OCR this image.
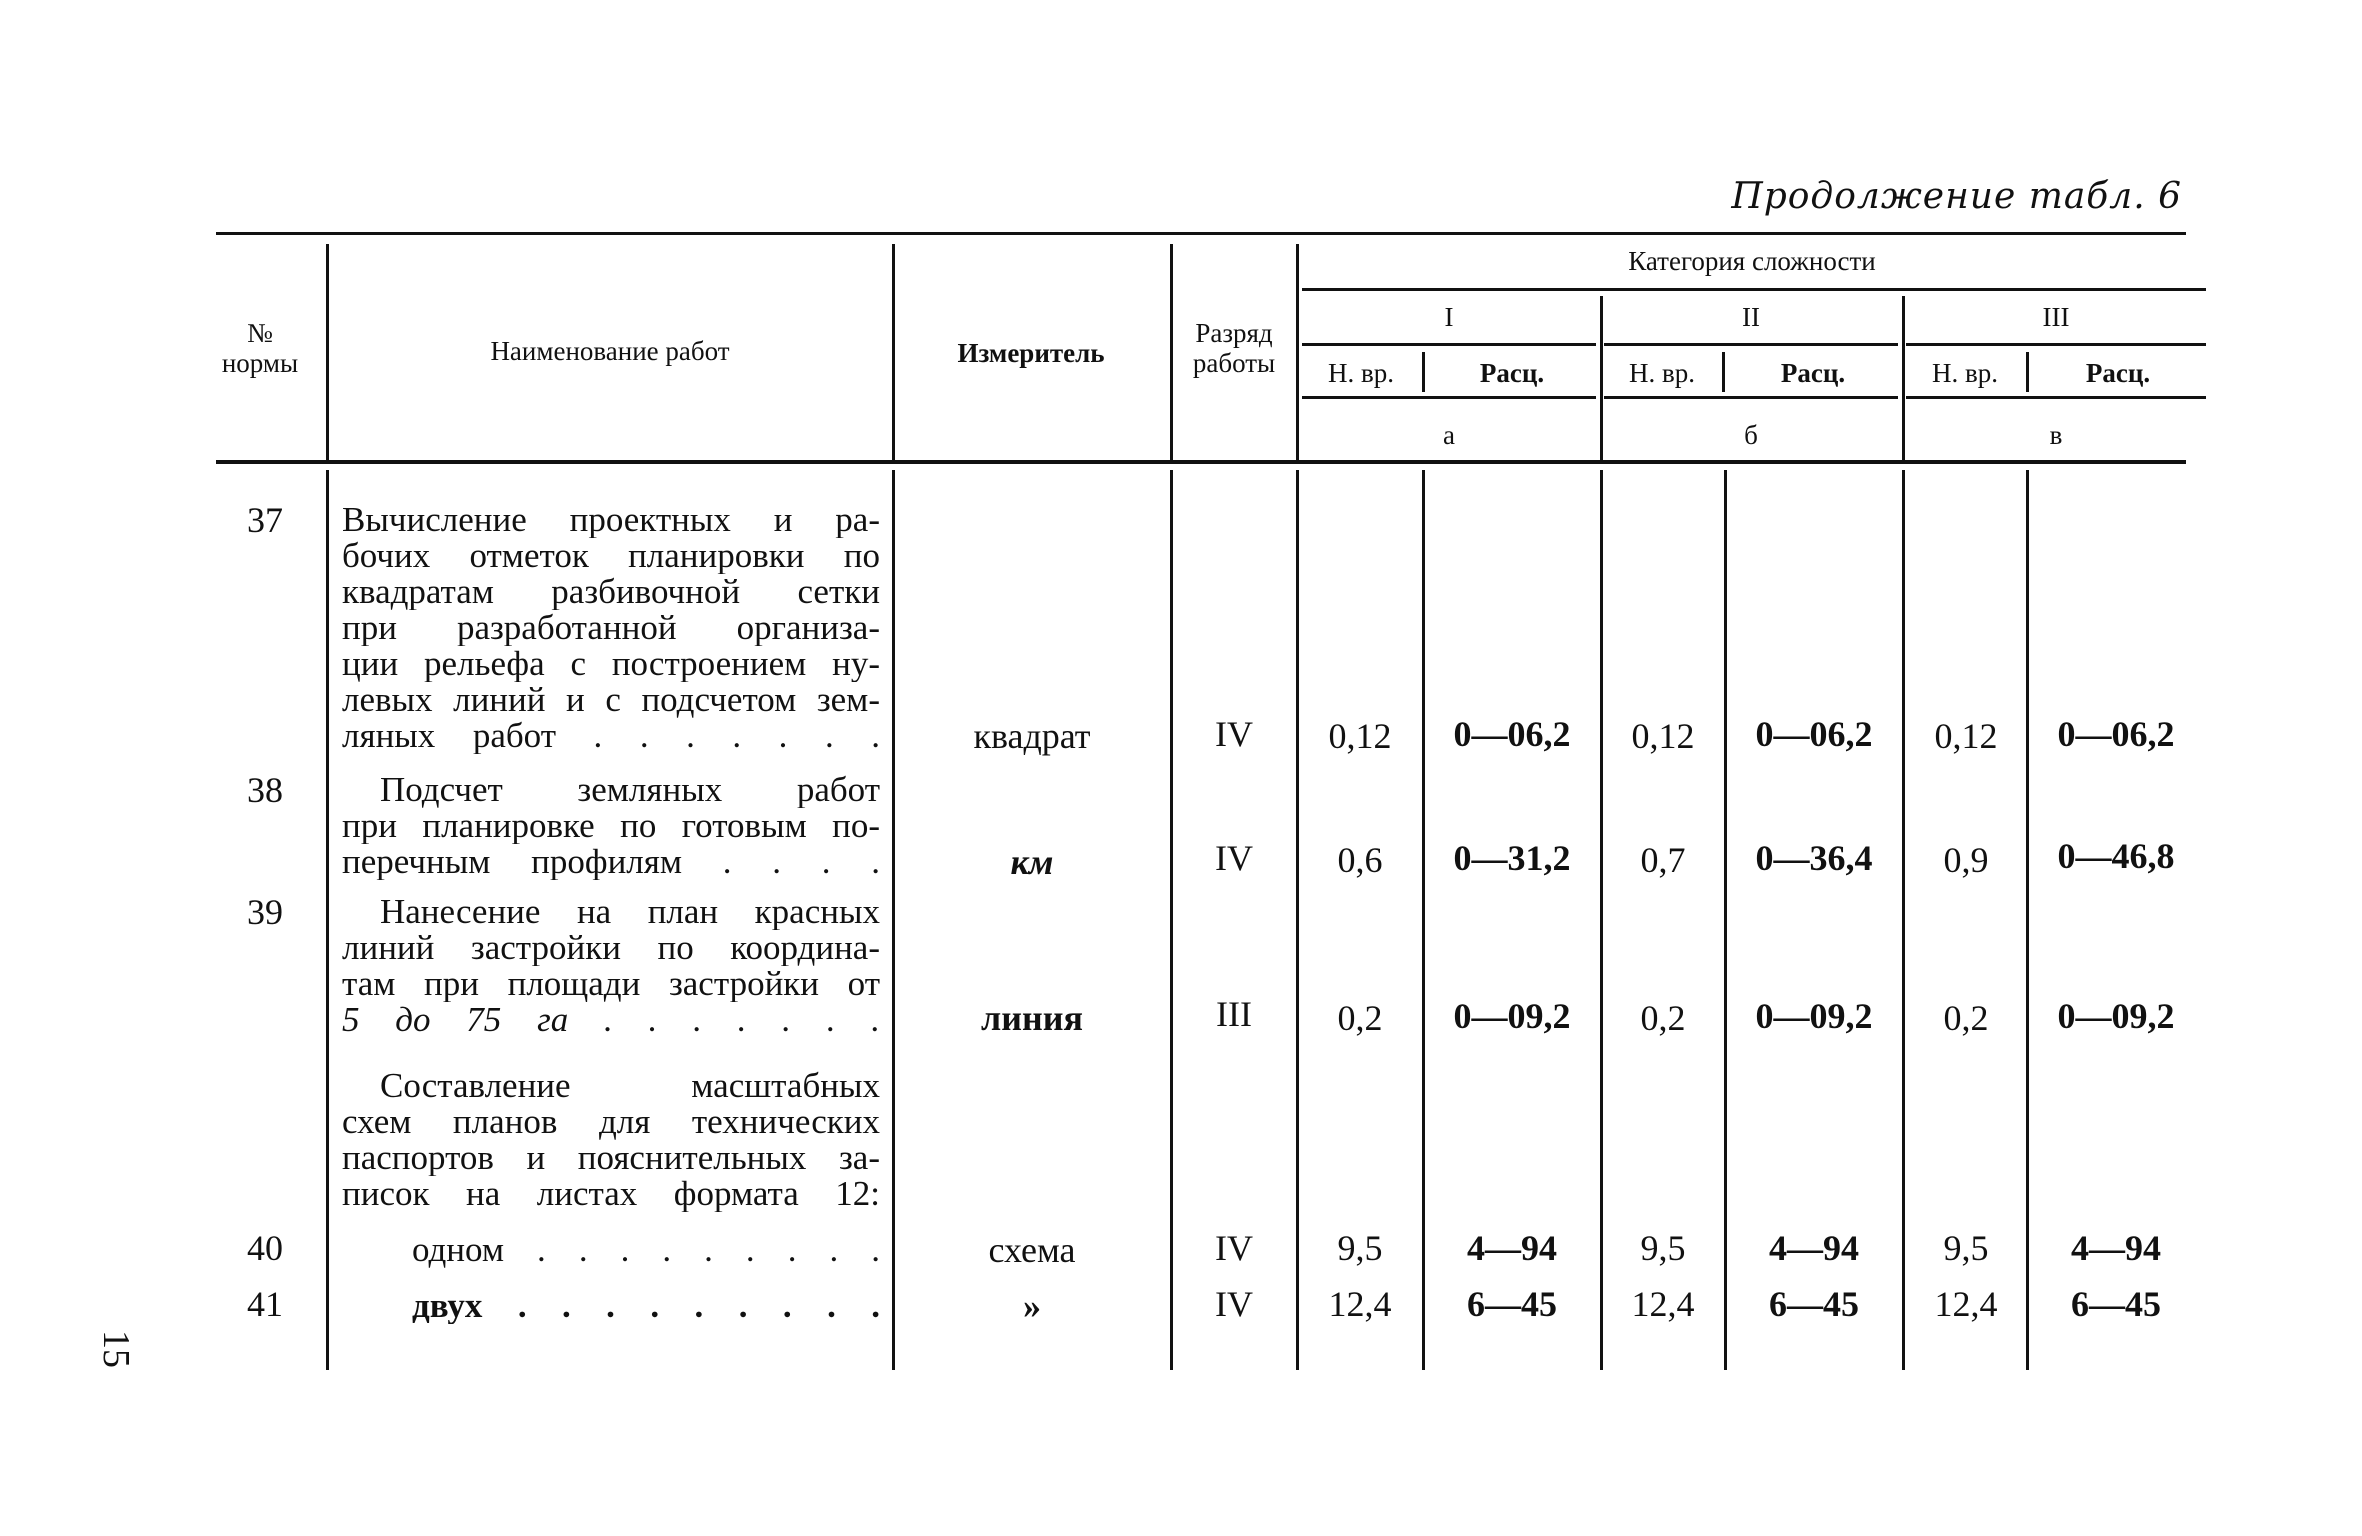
Продолжение табл. 6
№ нормы	Наименование работ	Измеритель
Разряд работы
Категория сложности
I	II	III
Н. вр.	Расц.	Н. вр.	Расц.	Н. вр.	Расц.
а	б	в
37	Вычисление проектных и ра-
бочих отметок планировки по
квадратам разбивочной сетки
при разработанной организа-
ции рельефа с построением ну-
левых линий и с подсчетом зем-
ляных работ . . . . . . .	квадрат	IV	0,12	0—06,2	0,12	0—06,2	0,12	0—06,2
38	Подсчет земляных работ
при планировке по готовым по-
перечным профилям . . . .	км	IV	0,6	0—31,2	0,7	0—36,4	0,9	0—46,8
39	Нанесение на план красных
линий застройки по координа-
там при площади застройки от
5 до 75 га . . . . . . .	линия	III	0,2	0—09,2	0,2	0—09,2	0,2	0—09,2
Составление масштабных
схем планов для технических
паспортов и пояснительных за-
писок на листах формата 12:
40	одном . . . . . . . . .	схема	IV	9,5	4—94	9,5	4—94	9,5	4—94
41	двух . . . . . . . . .	»	IV	12,4	6—45	12,4	6—45	12,4	6—45
15
